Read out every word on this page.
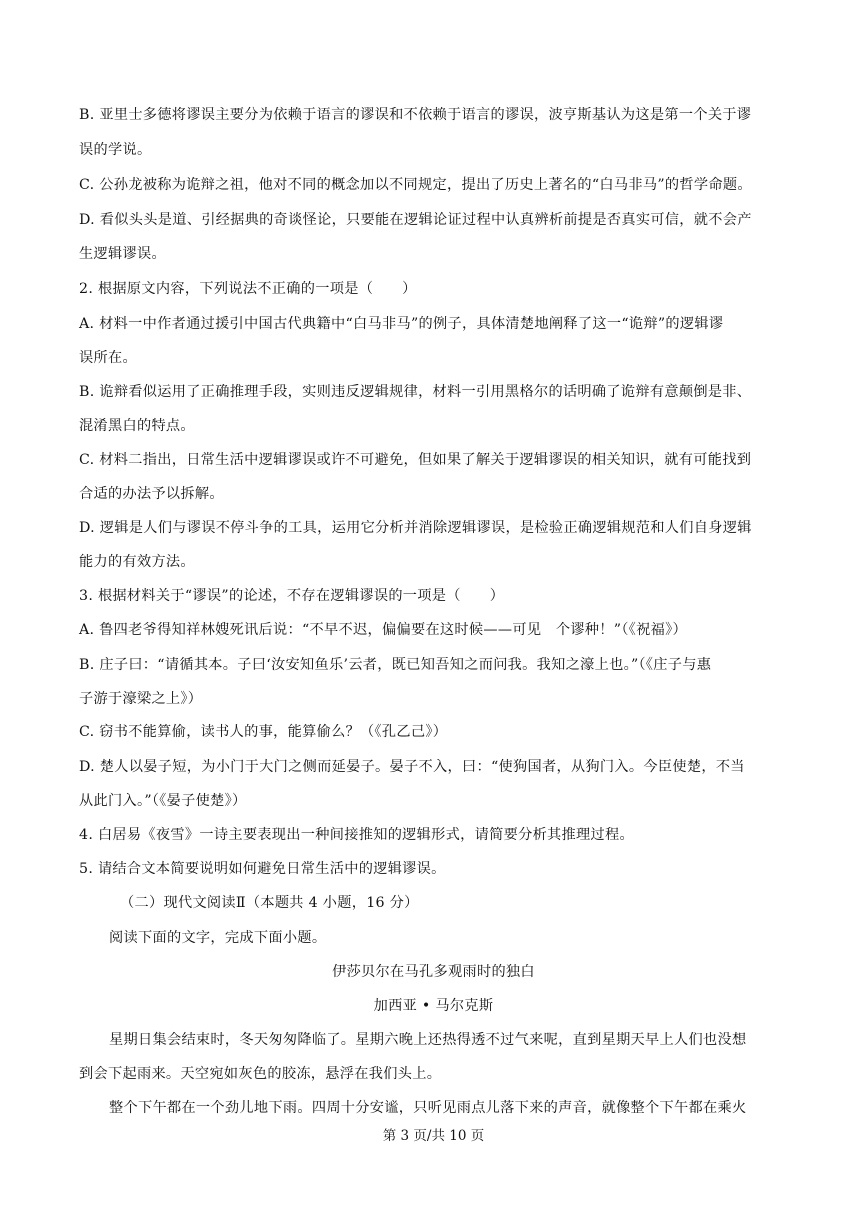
B. 亚里士多德将谬误主要分为依赖于语言的谬误和不依赖于语言的谬误，波亨斯基认为这是第一个关于谬
误的学说。
C. 公孙龙被称为诡辩之祖，他对不同的概念加以不同规定，提出了历史上著名的“白马非马”的哲学命题。
D. 看似头头是道、引经据典的奇谈怪论，只要能在逻辑论证过程中认真辨析前提是否真实可信，就不会产
生逻辑谬误。
2. 根据原文内容，下列说法不正确的一项是（　　）
A. 材料一中作者通过援引中国古代典籍中“白马非马”的例子，具体清楚地阐释了这一“诡辩”的逻辑谬
误所在。
B. 诡辩看似运用了正确推理手段，实则违反逻辑规律，材料一引用黑格尔的话明确了诡辩有意颠倒是非、
混淆黑白的特点。
C. 材料二指出，日常生活中逻辑谬误或许不可避免，但如果了解关于逻辑谬误的相关知识，就有可能找到
合适的办法予以拆解。
D. 逻辑是人们与谬误不停斗争的工具，运用它分析并消除逻辑谬误，是检验正确逻辑规范和人们自身逻辑
能力的有效方法。
3. 根据材料关于“谬误”的论述，不存在逻辑谬误的一项是（　　）
A. 鲁四老爷得知祥林嫂死讯后说：“不早不迟，偏偏要在这时候——可见　个谬种！”（《祝福》）
B. 庄子曰：“请循其本。子曰‘汝安知鱼乐’云者，既已知吾知之而问我。我知之濠上也。”（《庄子与惠
子游于濠梁之上》）
C. 窃书不能算偷，读书人的事，能算偷么？（《孔乙己》）
D. 楚人以晏子短，为小门于大门之侧而延晏子。晏子不入，曰：“使狗国者，从狗门入。今臣使楚，不当
从此门入。”（《晏子使楚》）
4. 白居易《夜雪》一诗主要表现出一种间接推知的逻辑形式，请简要分析其推理过程。
5. 请结合文本简要说明如何避免日常生活中的逻辑谬误。
（二）现代文阅读Ⅱ（本题共 4 小题，16 分）
阅读下面的文字，完成下面小题。
伊莎贝尔在马孔多观雨时的独白
加西亚 • 马尔克斯
星期日集会结束时，冬天匆匆降临了。星期六晚上还热得透不过气来呢，直到星期天早上人们也没想
到会下起雨来。天空宛如灰色的胶冻，悬浮在我们头上。
整个下午都在一个劲儿地下雨。四周十分安谧，只听见雨点儿落下来的声音，就像整个下午都在乘火
第 3 页/共 10 页
